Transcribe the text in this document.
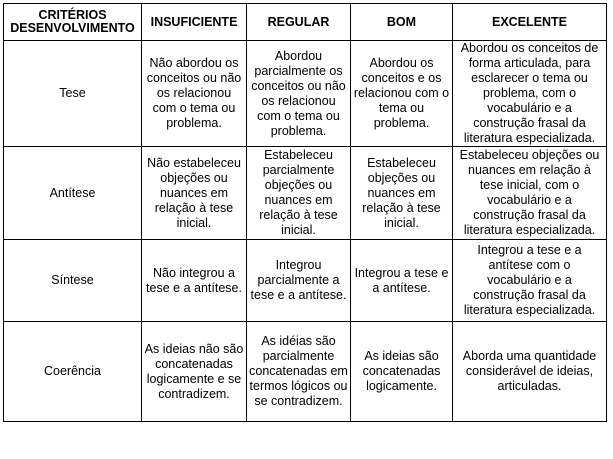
CRITÉRIOS
DESENVOLVIMENTO	INSUFICIENTE	REGULAR	BOM	EXCELENTE
Tese	Não abordou os conceitos ou não os relacionou com o tema ou problema.	Abordou parcialmente os conceitos ou não os relacionou com o tema ou problema.	Abordou os conceitos e os relacionou com o tema ou problema.	Abordou os conceitos de forma articulada, para esclarecer o tema ou problema, com o vocabulário e a construção frasal da literatura especializada.
Antítese	Não estabeleceu objeções ou nuances em relação à tese inicial.	Estabeleceu parcialmente objeções ou nuances em relação à tese inicial.	Estabeleceu objeções ou nuances em relação à tese inicial.	Estabeleceu objeções ou nuances em relação à tese inicial, com o vocabulário e a construção frasal da literatura especializada.
Síntese	Não integrou a tese e a antítese.	Integrou parcialmente a tese e a antítese.	Integrou a tese e a antítese.	Integrou a tese e a antítese com o vocabulário e a construção frasal da literatura especializada.
Coerência	As ideias não são concatenadas logicamente e se contradizem.	As idéias são parcialmente concatenadas em termos lógicos ou se contradizem.	As ideias são concatenadas logicamente.	Aborda uma quantidade considerável de ideias, articuladas.
